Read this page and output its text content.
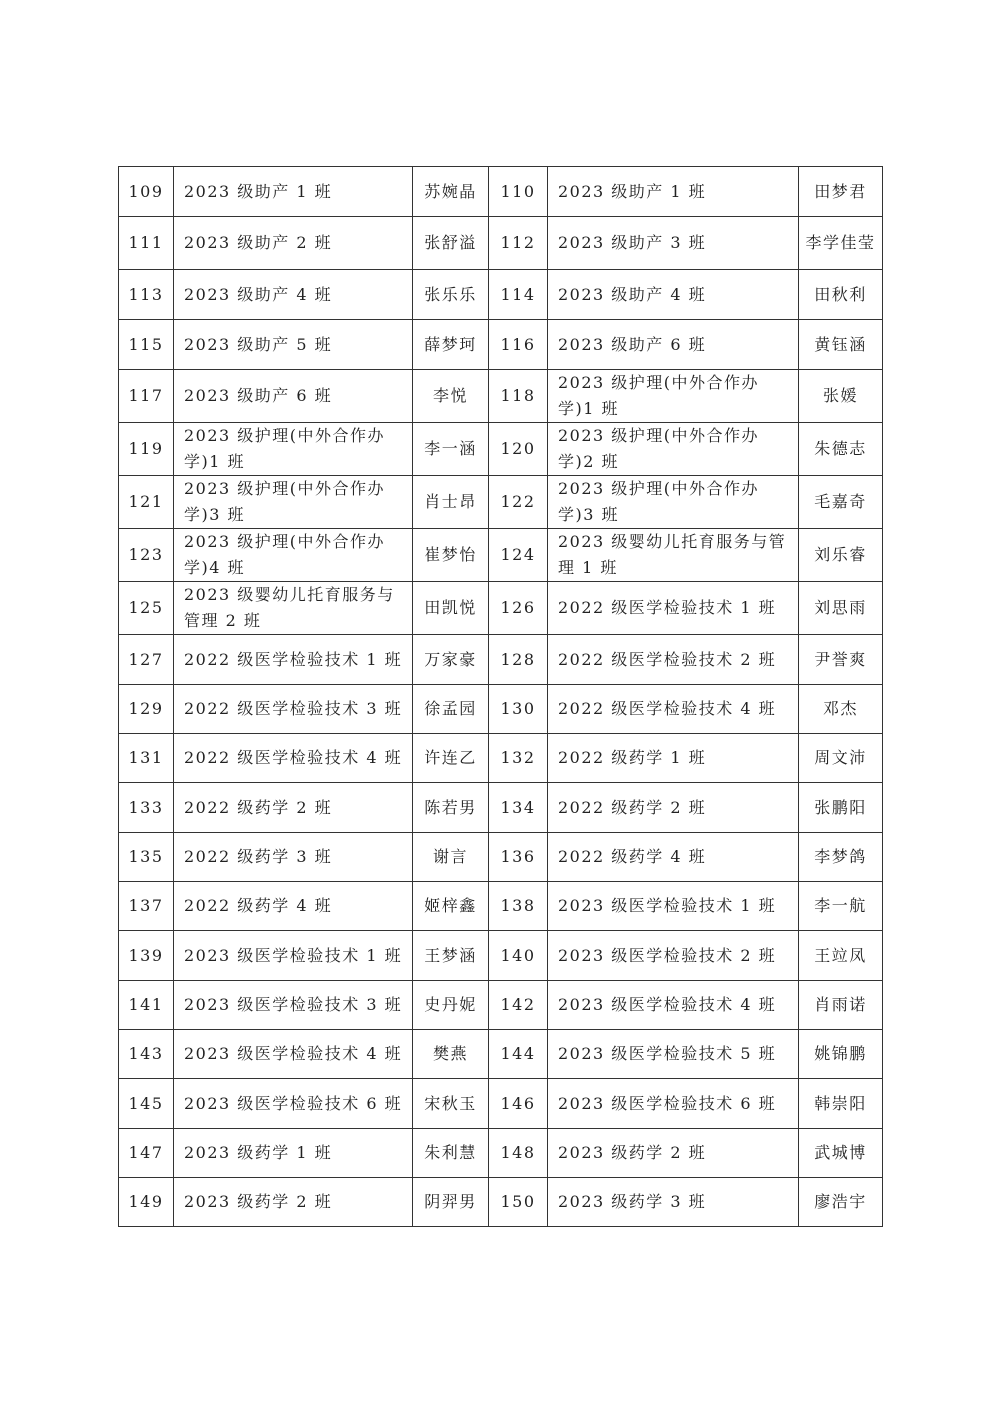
109	2023 级助产 1 班	苏婉晶	110	2023 级助产 1 班	田梦君
111	2023 级助产 2 班	张舒溢	112	2023 级助产 3 班	李学佳莹
113	2023 级助产 4 班	张乐乐	114	2023 级助产 4 班	田秋利
115	2023 级助产 5 班	薛梦珂	116	2023 级助产 6 班	黄钰涵
117	2023 级助产 6 班	李悦	118	2023 级护理(中外合作办学)1 班	张媛
119	2023 级护理(中外合作办学)1 班	李一涵	120	2023 级护理(中外合作办学)2 班	朱德志
121	2023 级护理(中外合作办学)3 班	肖士昂	122	2023 级护理(中外合作办学)3 班	毛嘉奇
123	2023 级护理(中外合作办学)4 班	崔梦怡	124	2023 级婴幼儿托育服务与管理 1 班	刘乐睿
125	2023 级婴幼儿托育服务与管理 2 班	田凯悦	126	2022 级医学检验技术 1 班	刘思雨
127	2022 级医学检验技术 1 班	万家豪	128	2022 级医学检验技术 2 班	尹誉爽
129	2022 级医学检验技术 3 班	徐孟园	130	2022 级医学检验技术 4 班	邓杰
131	2022 级医学检验技术 4 班	许连乙	132	2022 级药学 1 班	周文沛
133	2022 级药学 2 班	陈若男	134	2022 级药学 2 班	张鹏阳
135	2022 级药学 3 班	谢言	136	2022 级药学 4 班	李梦鸽
137	2022 级药学 4 班	姬梓鑫	138	2023 级医学检验技术 1 班	李一航
139	2023 级医学检验技术 1 班	王梦涵	140	2023 级医学检验技术 2 班	王竝凤
141	2023 级医学检验技术 3 班	史丹妮	142	2023 级医学检验技术 4 班	肖雨诺
143	2023 级医学检验技术 4 班	樊燕	144	2023 级医学检验技术 5 班	姚锦鹏
145	2023 级医学检验技术 6 班	宋秋玉	146	2023 级医学检验技术 6 班	韩崇阳
147	2023 级药学 1 班	朱利慧	148	2023 级药学 2 班	武城博
149	2023 级药学 2 班	阴羿男	150	2023 级药学 3 班	廖浩宇
